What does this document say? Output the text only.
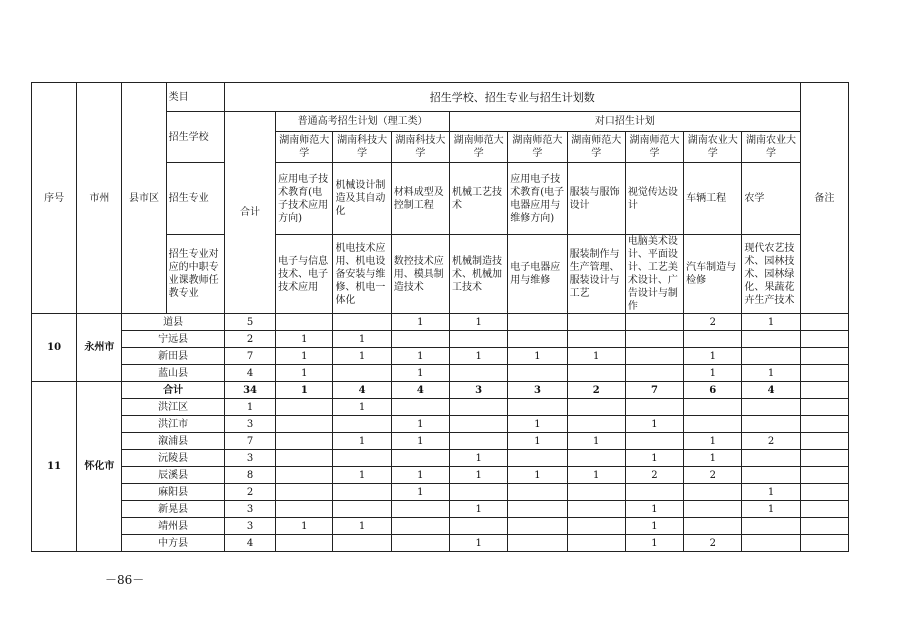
序号	市州	县市区	类目	招生学校、招生专业与招生计划数										备注
			招生学校	合计	普通高考招生计划（理工类）			对口招生计划						
					湖南师范大学	湖南科技大学	湖南科技大学	湖南师范大学	湖南师范大学	湖南师范大学	湖南师范大学	湖南农业大学	湖南农业大学	
			招生专业		应用电子技术教育(电子技术应用方向)	机械设计制造及其自动化	材料成型及控制工程	机械工艺技术	应用电子技术教育(电子电器应用与维修方向)	服装与服饰设计	视觉传达设计	车辆工程	农学	
			招生专业对应的中职专业课教师任教专业		电子与信息技术、电子技术应用	机电技术应用、机电设备安装与维修、机电一体化	数控技术应用、模具制造技术	机械制造技术、机械加工技术	电子电器应用与维修	服装制作与生产管理、服装设计与工艺	电脑美术设计、平面设计、工艺美术设计、广告设计与制作	汽车制造与检修	现代农艺技术、园林技术、园林绿化、果蔬花卉生产技术	
10	永州市	道县		5			1	1				2	1	
		宁远县		2	1	1								
		新田县		7	1	1	1	1	1	1		1		
		蓝山县		4	1		1					1	1	
11	怀化市	合计		34	1	4	4	3	3	2	7	6	4	
		洪江区		1		1								
		洪江市		3			1		1		1			
		溆浦县		7		1	1		1	1		1	2	
		沅陵县		3				1			1	1		
		辰溪县		8		1	1	1	1	1	2	2		
		麻阳县		2			1						1	
		新晃县		3				1			1		1	
		靖州县		3	1	1					1			
		中方县		4				1			1	2		
－86－
